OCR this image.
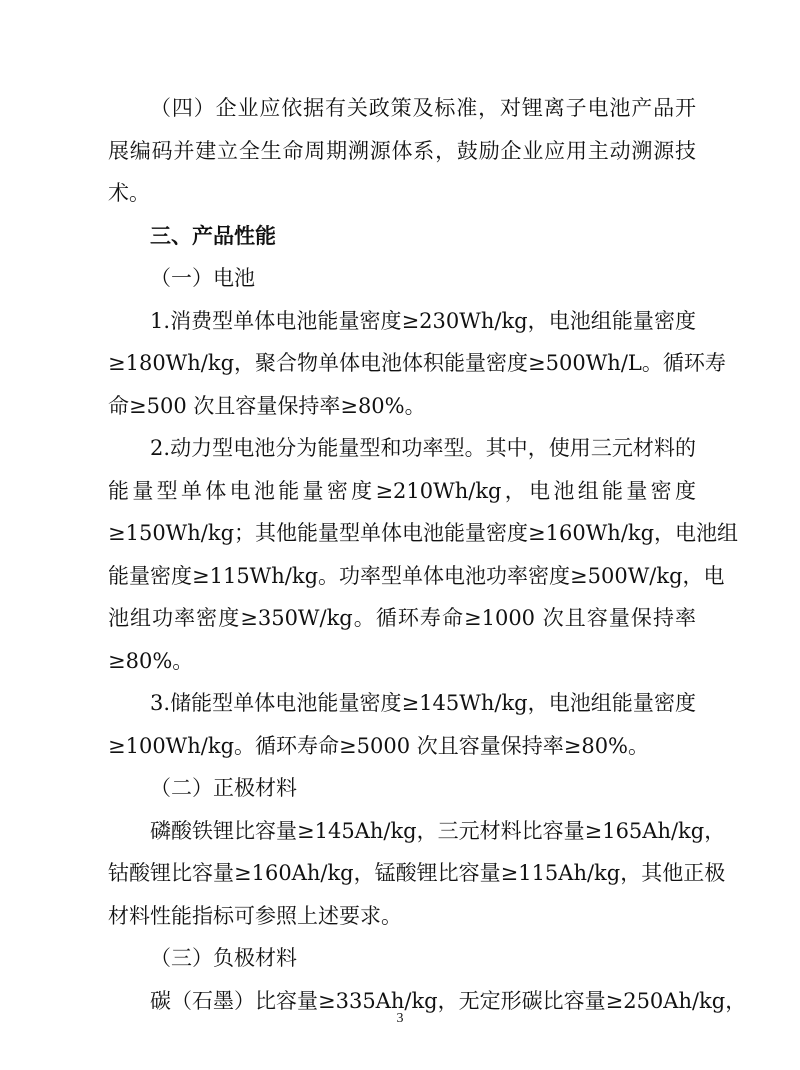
（四）企业应依据有关政策及标准，对锂离子电池产品开
展编码并建立全生命周期溯源体系，鼓励企业应用主动溯源技
术。
三、产品性能
（一）电池
1.消费型单体电池能量密度≥230Wh/kg，电池组能量密度
≥180Wh/kg，聚合物单体电池体积能量密度≥500Wh/L。循环寿
命≥500 次且容量保持率≥80%。
2.动力型电池分为能量型和功率型。其中，使用三元材料的
能量型单体电池能量密度≥210Wh/kg，电池组能量密度
≥150Wh/kg；其他能量型单体电池能量密度≥160Wh/kg，电池组
能量密度≥115Wh/kg。功率型单体电池功率密度≥500W/kg，电
池组功率密度≥350W/kg。循环寿命≥1000 次且容量保持率
≥80%。
3.储能型单体电池能量密度≥145Wh/kg，电池组能量密度
≥100Wh/kg。循环寿命≥5000 次且容量保持率≥80%。
（二）正极材料
磷酸铁锂比容量≥145Ah/kg，三元材料比容量≥165Ah/kg，
钴酸锂比容量≥160Ah/kg，锰酸锂比容量≥115Ah/kg，其他正极
材料性能指标可参照上述要求。
（三）负极材料
碳（石墨）比容量≥335Ah/kg，无定形碳比容量≥250Ah/kg，
3
